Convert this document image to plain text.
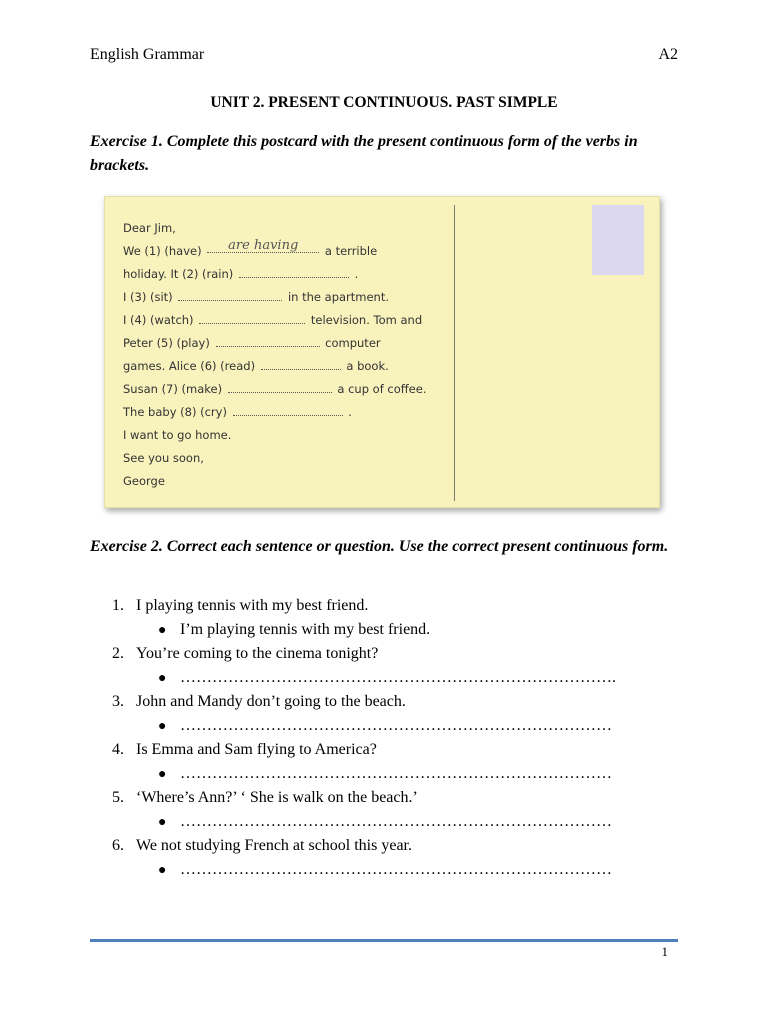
English Grammar	A2
UNIT 2. PRESENT CONTINUOUS. PAST SIMPLE
Exercise 1. Complete this postcard with the present continuous form of the verbs in brackets.
Dear Jim,
We (1) (have) are having a terrible
holiday. It (2) (rain)	.
I (3) (sit)	in the apartment.
I (4) (watch)	television. Tom and
Peter (5) (play)	computer
games. Alice (6) (read)	a book.
Susan (7) (make)	a cup of coffee.
The baby (8) (cry)	.
I want to go home.
See you soon,
George
Exercise 2. Correct each sentence or question. Use the correct present continuous form.
1. I playing tennis with my best friend.
● I’m playing tennis with my best friend.
2. You’re coming to the cinema tonight?
● ……………………………………………………………………….
3. John and Mandy don’t going to the beach.
● ………………………………………………………………………
4. Is Emma and Sam flying to America?
● ………………………………………………………………………
5. ‘Where’s Ann?’ ‘ She is walk on the beach.’
● ………………………………………………………………………
6. We not studying French at school this year.
● ………………………………………………………………………
1
